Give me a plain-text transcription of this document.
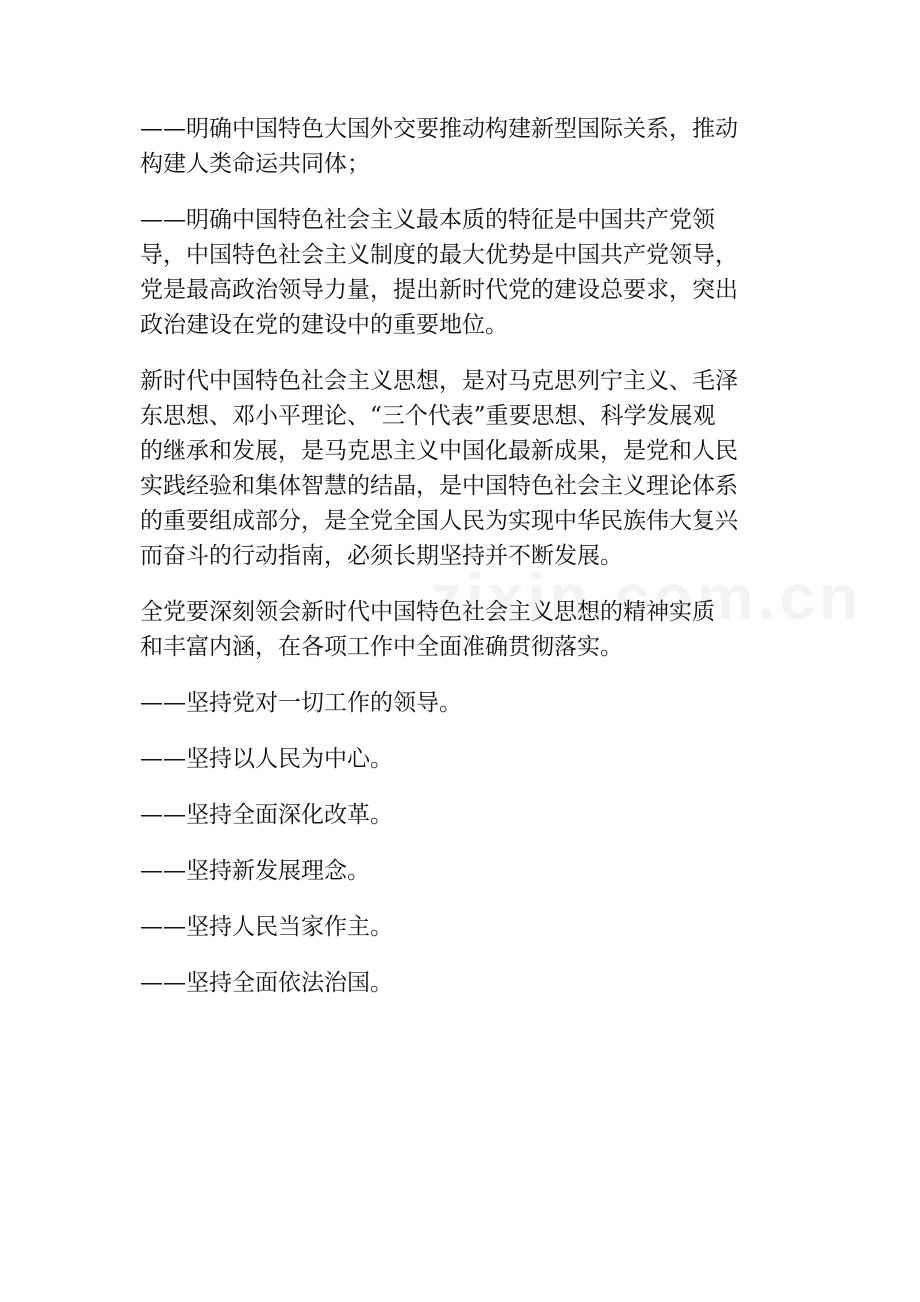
——明确中国特色大国外交要推动构建新型国际关系，推动
构建人类命运共同体；
——明确中国特色社会主义最本质的特征是中国共产党领
导，中国特色社会主义制度的最大优势是中国共产党领导，
党是最高政治领导力量，提出新时代党的建设总要求，突出
政治建设在党的建设中的重要地位。
新时代中国特色社会主义思想，是对马克思列宁主义、毛泽
东思想、邓小平理论、“三个代表”重要思想、科学发展观
的继承和发展，是马克思主义中国化最新成果，是党和人民
实践经验和集体智慧的结晶，是中国特色社会主义理论体系
的重要组成部分，是全党全国人民为实现中华民族伟大复兴
而奋斗的行动指南，必须长期坚持并不断发展。
全党要深刻领会新时代中国特色社会主义思想的精神实质
和丰富内涵，在各项工作中全面准确贯彻落实。
——坚持党对一切工作的领导。
——坚持以人民为中心。
——坚持全面深化改革。
——坚持新发展理念。
——坚持人民当家作主。
——坚持全面依法治国。
